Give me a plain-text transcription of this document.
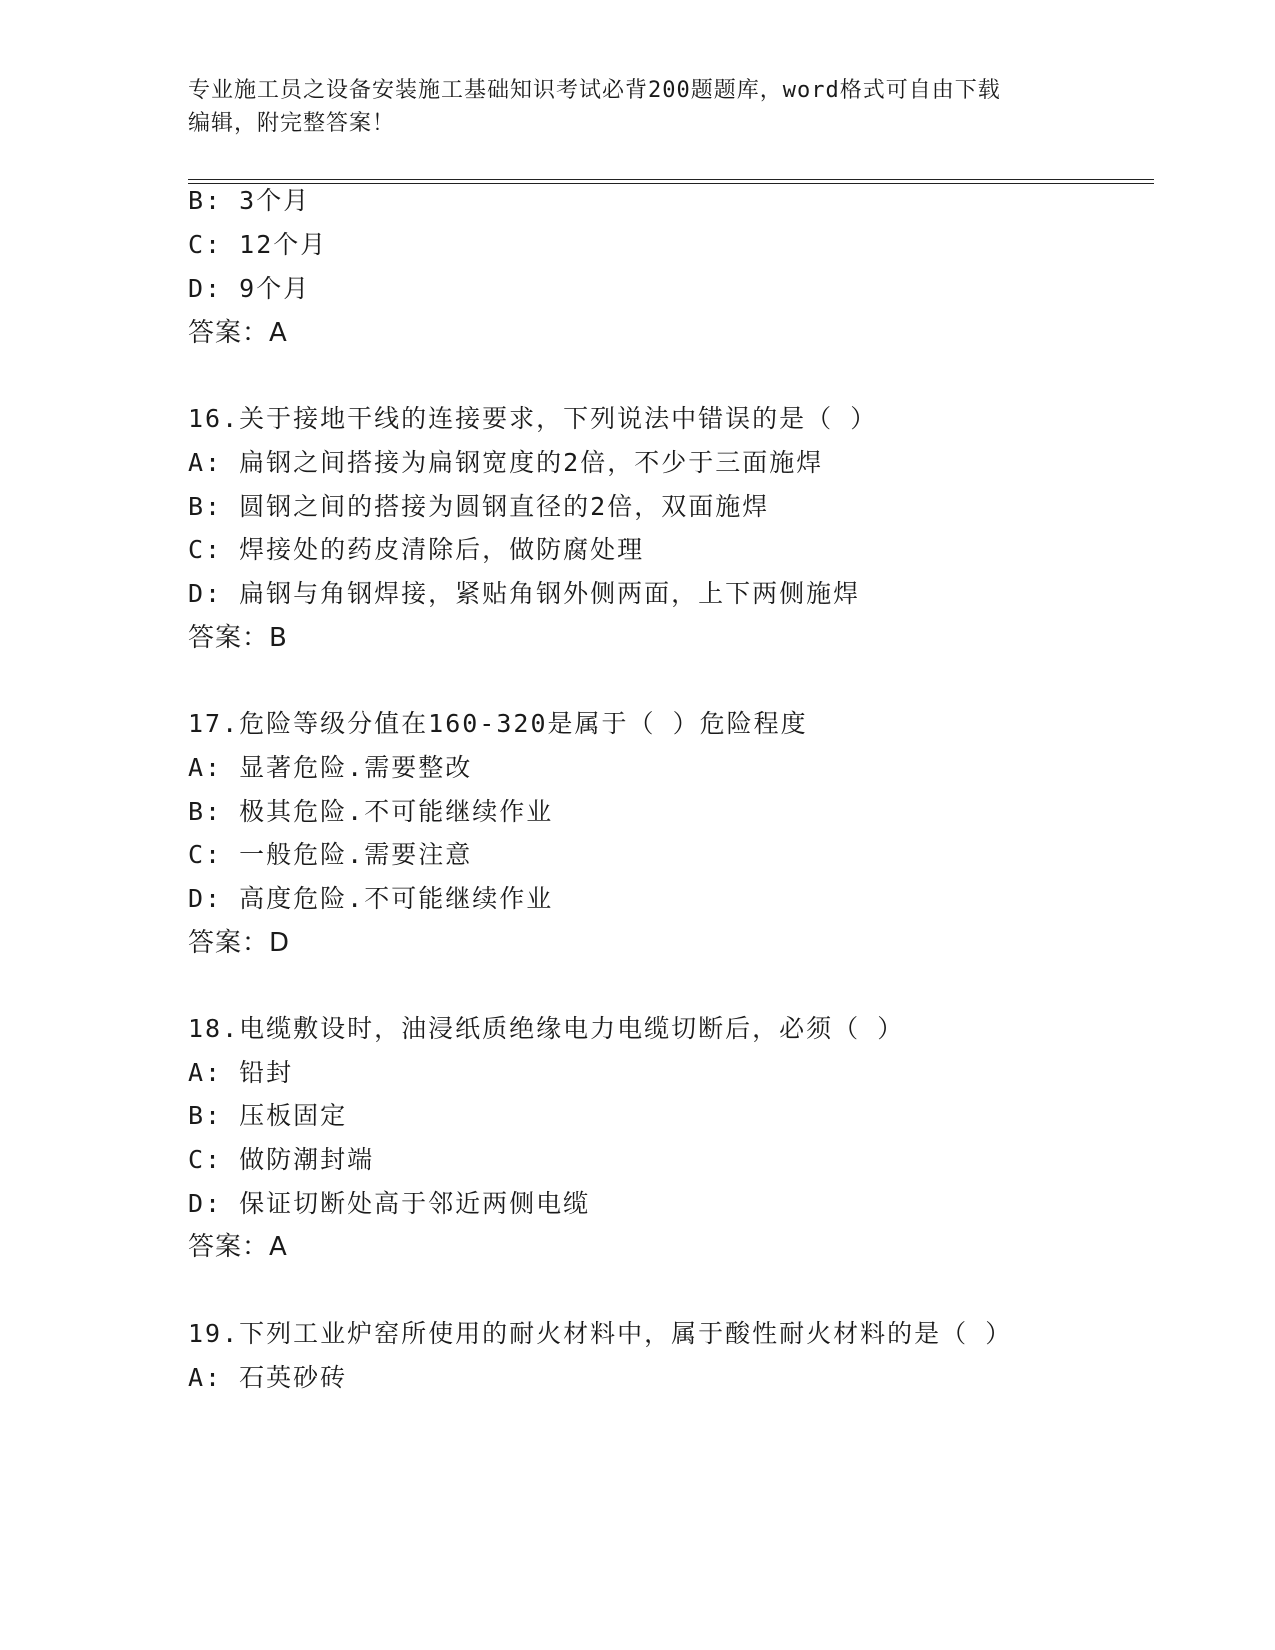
专业施工员之设备安装施工基础知识考试必背200题题库，word格式可自由下载
编辑，附完整答案！
B: 3个月
C: 12个月
D: 9个月
答案：A
16.关于接地干线的连接要求，下列说法中错误的是（ ）
A: 扁钢之间搭接为扁钢宽度的2倍，不少于三面施焊
B: 圆钢之间的搭接为圆钢直径的2倍，双面施焊
C: 焊接处的药皮清除后，做防腐处理
D: 扁钢与角钢焊接，紧贴角钢外侧两面，上下两侧施焊
答案：B
17.危险等级分值在160-320是属于（ ）危险程度
A: 显著危险.需要整改
B: 极其危险.不可能继续作业
C: 一般危险.需要注意
D: 高度危险.不可能继续作业
答案：D
18.电缆敷设时，油浸纸质绝缘电力电缆切断后，必须（ ）
A: 铅封
B: 压板固定
C: 做防潮封端
D: 保证切断处高于邻近两侧电缆
答案：A
19.下列工业炉窑所使用的耐火材料中，属于酸性耐火材料的是（ ）
A: 石英砂砖
